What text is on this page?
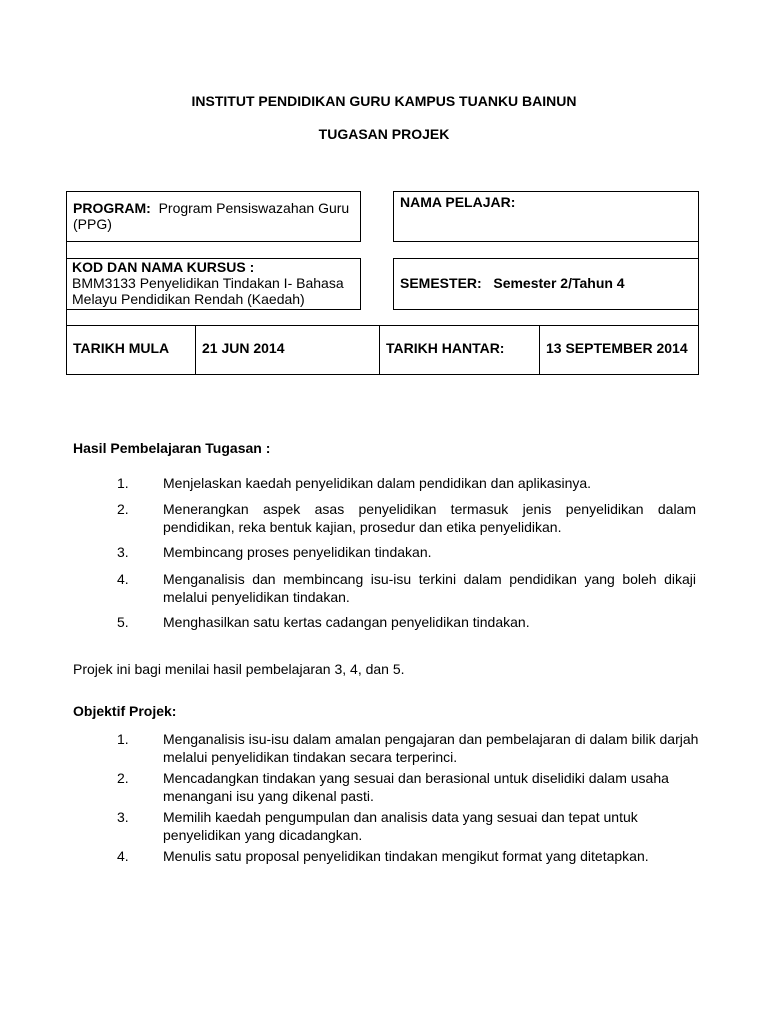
INSTITUT PENDIDIKAN GURU KAMPUS TUANKU BAINUN
TUGASAN PROJEK
PROGRAM: Program Pensiswazahan Guru (PPG)
NAMA PELAJAR:
KOD DAN NAMA KURSUS :
BMM3133 Penyelidikan Tindakan I- Bahasa Melayu Pendidikan Rendah (Kaedah)
SEMESTER: Semester 2/Tahun 4
TARIKH MULA 21 JUN 2014	TARIKH HANTAR:	13 SEPTEMBER 2014
Hasil Pembelajaran Tugasan :
1.	Menjelaskan kaedah penyelidikan dalam pendidikan dan aplikasinya.
2.	Menerangkan aspek asas penyelidikan termasuk jenis penyelidikan dalam pendidikan, reka bentuk kajian, prosedur dan etika penyelidikan.
3.	Membincang proses penyelidikan tindakan.
4.	Menganalisis dan membincang isu-isu terkini dalam pendidikan yang boleh dikaji melalui penyelidikan tindakan.
5.	Menghasilkan satu kertas cadangan penyelidikan tindakan.
Projek ini bagi menilai hasil pembelajaran 3, 4, dan 5.
Objektif Projek:
1.	Menganalisis isu-isu dalam amalan pengajaran dan pembelajaran di dalam bilik darjah melalui penyelidikan tindakan secara terperinci.
2.	Mencadangkan tindakan yang sesuai dan berasional untuk diselidiki dalam usaha menangani isu yang dikenal pasti.
3.	Memilih kaedah pengumpulan dan analisis data yang sesuai dan tepat untuk penyelidikan yang dicadangkan.
4.	Menulis satu proposal penyelidikan tindakan mengikut format yang ditetapkan.
